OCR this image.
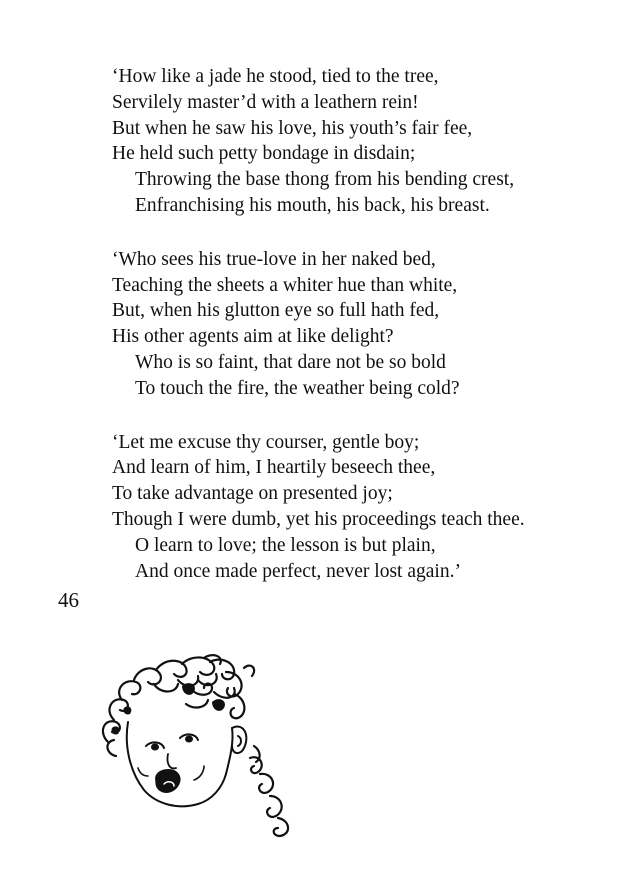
‘How like a jade he stood, tied to the tree,
Servilely master’d with a leathern rein!
But when he saw his love, his youth’s fair fee,
He held such petty bondage in disdain;
Throwing the base thong from his bending crest,
Enfranchising his mouth, his back, his breast.
‘Who sees his true-love in her naked bed,
Teaching the sheets a whiter hue than white,
But, when his glutton eye so full hath fed,
His other agents aim at like delight?
Who is so faint, that dare not be so bold
To touch the fire, the weather being cold?
‘Let me excuse thy courser, gentle boy;
And learn of him, I heartily beseech thee,
To take advantage on presented joy;
Though I were dumb, yet his proceedings teach thee.
O learn to love; the lesson is but plain,
And once made perfect, never lost again.’
46
